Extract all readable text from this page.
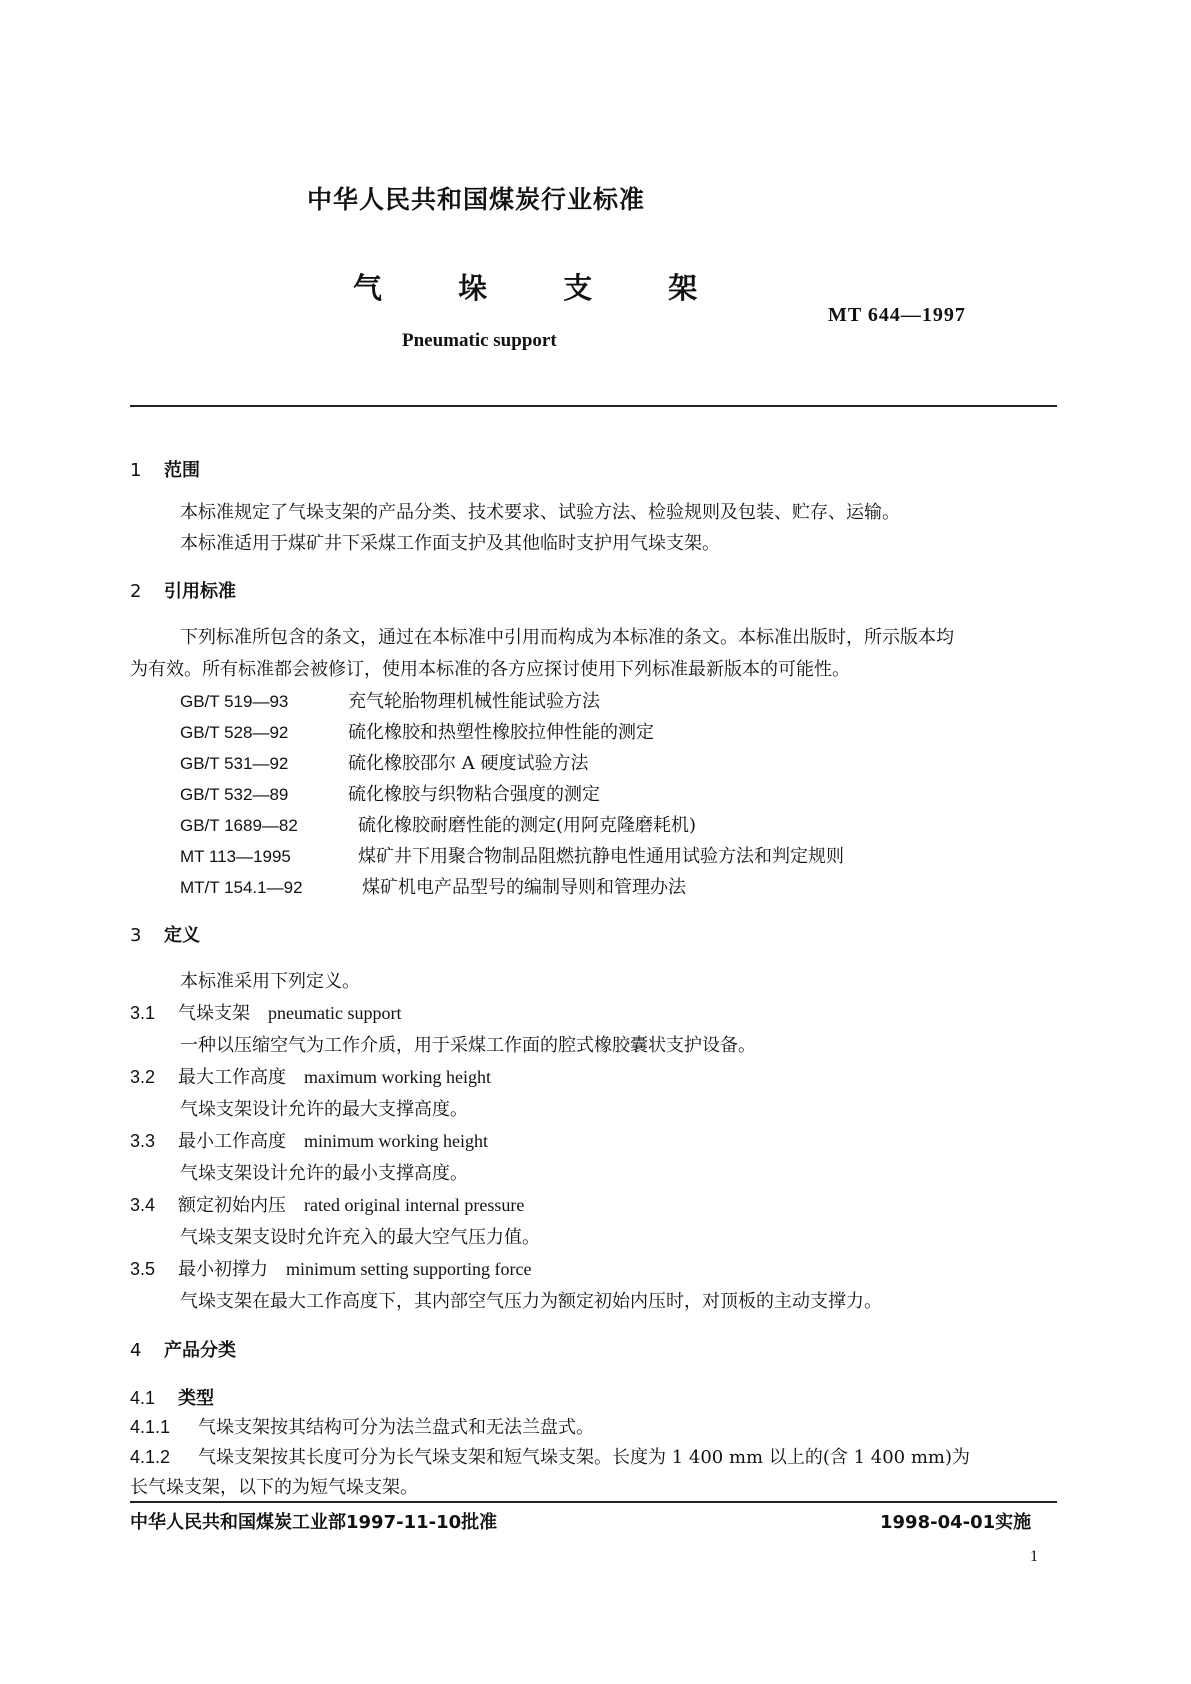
中华人民共和国煤炭行业标准
气 垛 支 架
MT 644—1997
Pneumatic support
1 范围
本标准规定了气垛支架的产品分类、技术要求、试验方法、检验规则及包装、贮存、运输。
本标准适用于煤矿井下采煤工作面支护及其他临时支护用气垛支架。
2 引用标准
下列标准所包含的条文，通过在本标准中引用而构成为本标准的条文。本标准出版时，所示版本均
为有效。所有标准都会被修订，使用本标准的各方应探讨使用下列标准最新版本的可能性。
GB/T 519—93	充气轮胎物理机械性能试验方法
GB/T 528—92	硫化橡胶和热塑性橡胶拉伸性能的测定
GB/T 531—92	硫化橡胶邵尔 A 硬度试验方法
GB/T 532—89	硫化橡胶与织物粘合强度的测定
GB/T 1689—82	硫化橡胶耐磨性能的测定(用阿克隆磨耗机)
MT 113—1995	煤矿井下用聚合物制品阻燃抗静电性通用试验方法和判定规则
MT/T 154.1—92	煤矿机电产品型号的编制导则和管理办法
3 定义
本标准采用下列定义。
3.1 气垛支架 pneumatic support
一种以压缩空气为工作介质，用于采煤工作面的腔式橡胶囊状支护设备。
3.2 最大工作高度 maximum working height
气垛支架设计允许的最大支撑高度。
3.3 最小工作高度 minimum working height
气垛支架设计允许的最小支撑高度。
3.4 额定初始内压 rated original internal pressure
气垛支架支设时允许充入的最大空气压力值。
3.5 最小初撑力 minimum setting supporting force
气垛支架在最大工作高度下，其内部空气压力为额定初始内压时，对顶板的主动支撑力。
4 产品分类
4.1 类型
4.1.1 气垛支架按其结构可分为法兰盘式和无法兰盘式。
4.1.2 气垛支架按其长度可分为长气垛支架和短气垛支架。长度为 1 400 mm 以上的(含 1 400 mm)为
长气垛支架，以下的为短气垛支架。
中华人民共和国煤炭工业部1997-11-10批准	1998-04-01实施
1
